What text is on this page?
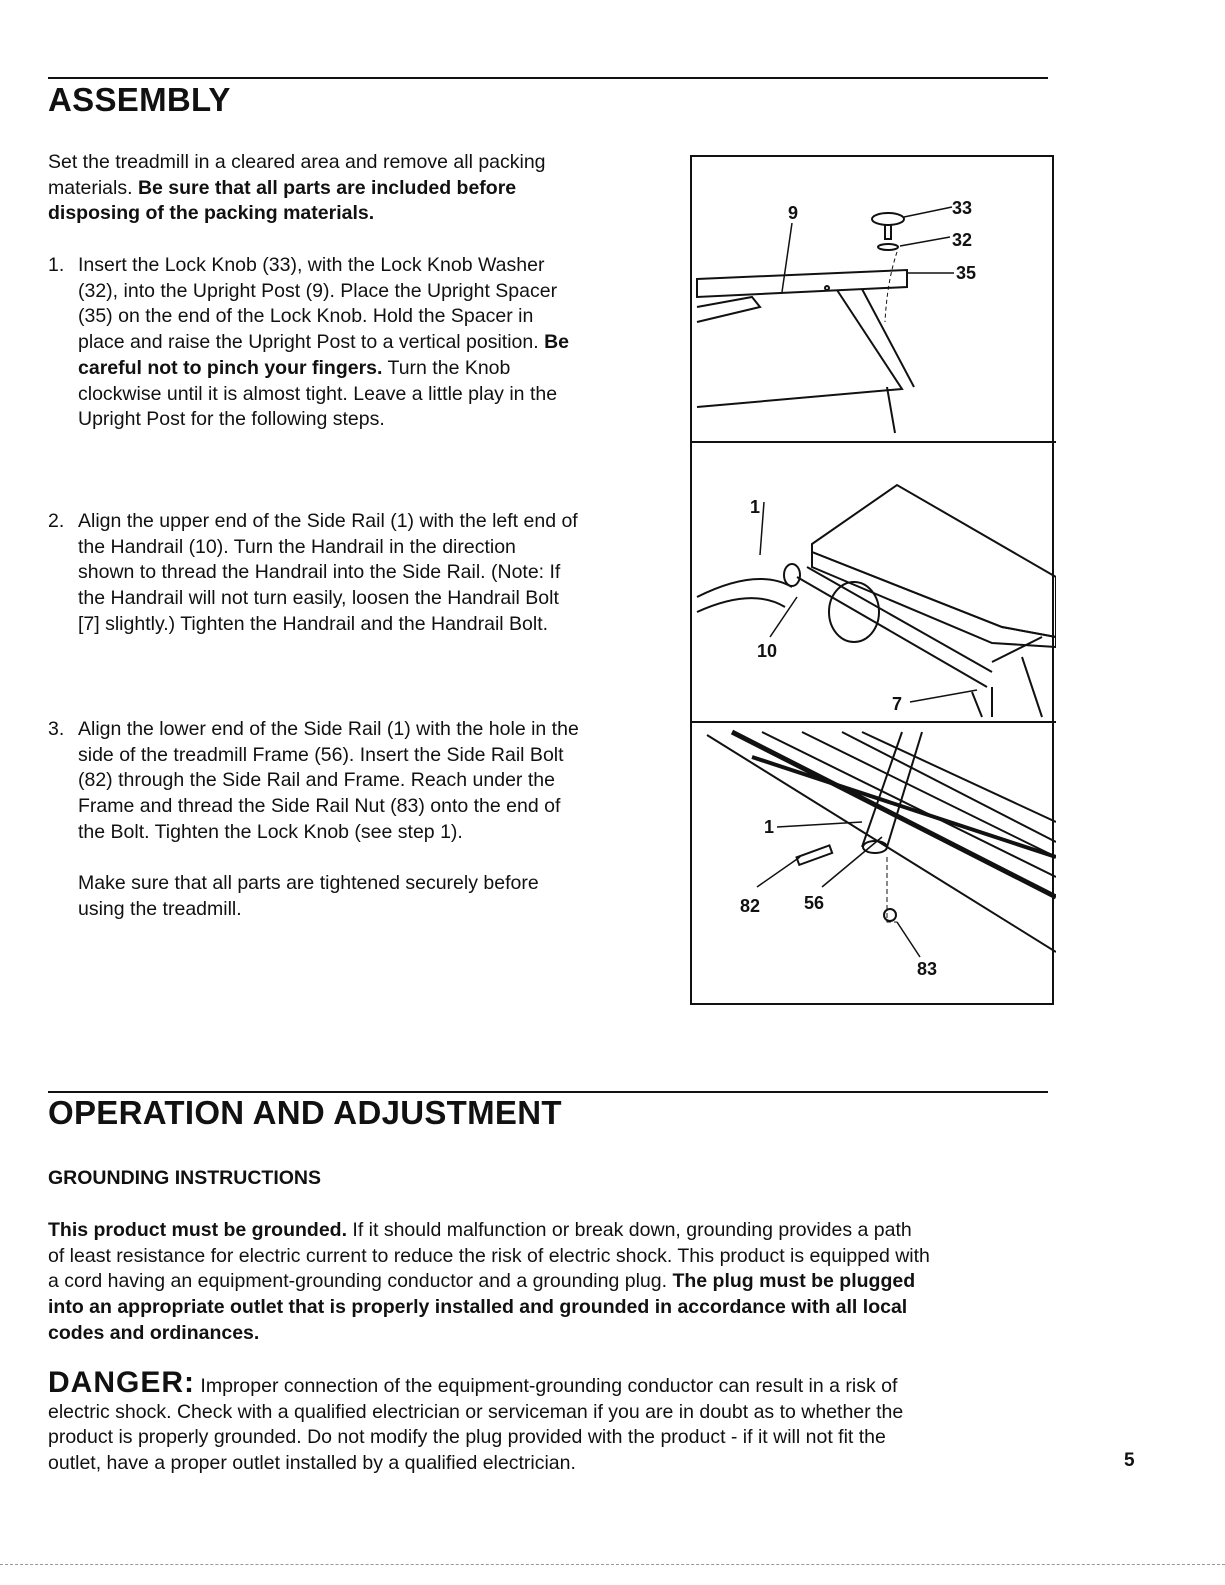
ASSEMBLY
Set the treadmill in a cleared area and remove all packing
materials. Be sure that all parts are included before
disposing of the packing materials.
1. Insert the Lock Knob (33), with the Lock Knob Washer
(32), into the Upright Post (9). Place the Upright Spacer
(35) on the end of the Lock Knob. Hold the Spacer in
place and raise the Upright Post to a vertical position. Be
careful not to pinch your fingers. Turn the Knob
clockwise until it is almost tight. Leave a little play in the
Upright Post for the following steps.
2. Align the upper end of the Side Rail (1) with the left end of
the Handrail (10). Turn the Handrail in the direction
shown to thread the Handrail into the Side Rail. (Note: If
the Handrail will not turn easily, loosen the Handrail Bolt
[7] slightly.) Tighten the Handrail and the Handrail Bolt.
3. Align the lower end of the Side Rail (1) with the hole in the
side of the treadmill Frame (56). Insert the Side Rail Bolt
(82) through the Side Rail and Frame. Reach under the
Frame and thread the Side Rail Nut (83) onto the end of
the Bolt. Tighten the Lock Knob (see step 1).
Make sure that all parts are tightened securely before
using the treadmill.
9	33
32
35
1
10
7
1
82 56
83
OPERATION AND ADJUSTMENT
GROUNDING INSTRUCTIONS
This product must be grounded. If it should malfunction or break down, grounding provides a path
of least resistance for electric current to reduce the risk of electric shock. This product is equipped with
a cord having an equipment-grounding conductor and a grounding plug. The plug must be plugged
into an appropriate outlet that is properly installed and grounded in accordance with all local
codes and ordinances.
DANGER: Improper connection of the equipment-grounding conductor can result in a risk of
electric shock. Check with a qualified electrician or serviceman if you are in doubt as to whether the
product is properly grounded. Do not modify the plug provided with the product - if it will not fit the
outlet, have a proper outlet installed by a qualified electrician.	5
